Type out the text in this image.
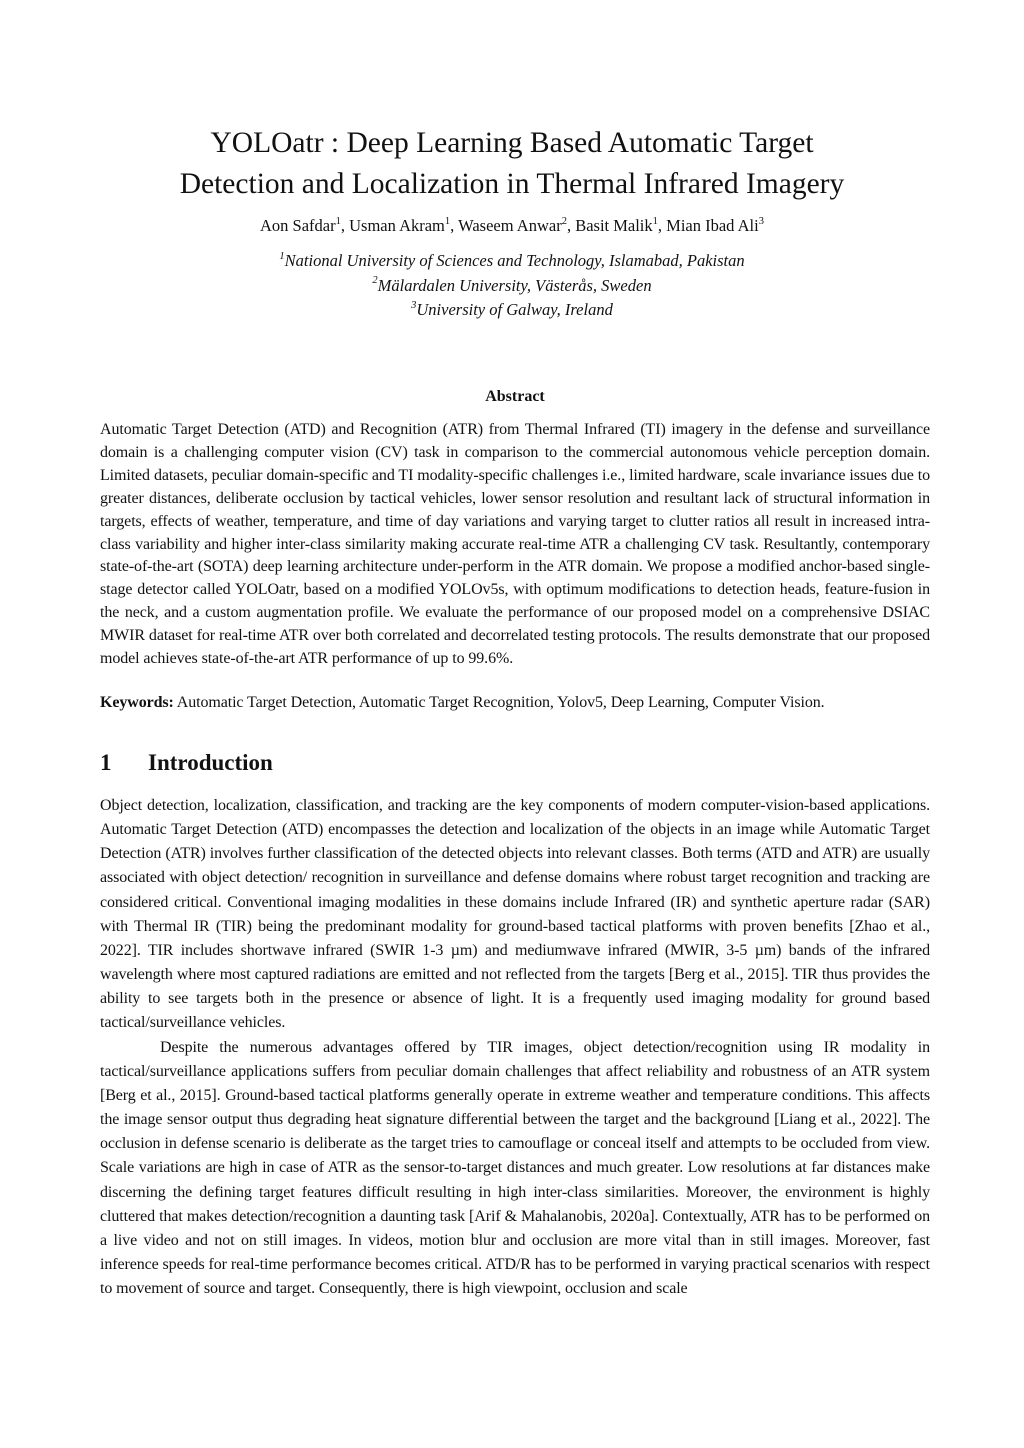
YOLOatr : Deep Learning Based Automatic Target
Detection and Localization in Thermal Infrared Imagery
Aon Safdar$^1$, Usman Akram$^1$, Waseem Anwar$^2$, Basit Malik$^1$, Mian Ibad Ali$^3$
$^1$National University of Sciences and Technology, Islamabad, Pakistan
$^2$Mälardalen University, Västerås, Sweden
$^3$University of Galway, Ireland
Abstract
Automatic Target Detection (ATD) and Recognition (ATR) from Thermal Infrared (TI) imagery in the defense and surveillance domain is a challenging computer vision (CV) task in comparison to the commercial autonomous vehicle perception domain. Limited datasets, peculiar domain-specific and TI modality-specific challenges i.e., limited hardware, scale invariance issues due to greater distances, deliberate occlusion by tactical vehicles, lower sensor resolution and resultant lack of structural information in targets, effects of weather, temperature, and time of day variations and varying target to clutter ratios all result in increased intra-class variability and higher inter-class similarity making accurate real-time ATR a challenging CV task. Resultantly, contemporary state-of-the-art (SOTA) deep learning architecture under-perform in the ATR domain. We propose a modified anchor-based single-stage detector called YOLOatr, based on a modified YOLOv5s, with optimum modifications to detection heads, feature-fusion in the neck, and a custom augmentation profile. We evaluate the performance of our proposed model on a comprehensive DSIAC MWIR dataset for real-time ATR over both correlated and decorrelated testing protocols. The results demonstrate that our proposed model achieves state-of-the-art ATR performance of up to 99.6%.
Keywords: Automatic Target Detection, Automatic Target Recognition, Yolov5, Deep Learning, Computer Vision.
1 Introduction

Object detection, localization, classification, and tracking are the key components of modern computer-vision-based applications. Automatic Target Detection (ATD) encompasses the detection and localization of the objects in an image while Automatic Target Detection (ATR) involves further classification of the detected objects into relevant classes. Both terms (ATD and ATR) are usually associated with object detection/ recognition in surveillance and defense domains where robust target recognition and tracking are considered critical. Conventional imaging modalities in these domains include Infrared (IR) and synthetic aperture radar (SAR) with Thermal IR (TIR) being the predominant modality for ground-based tactical platforms with proven benefits [Zhao et al., 2022]. TIR includes shortwave infrared (SWIR 1-3 µm) and mediumwave infrared (MWIR, 3-5 µm) bands of the infrared wavelength where most captured radiations are emitted and not reflected from the targets [Berg et al., 2015]. TIR thus provides the ability to see targets both in the presence or absence of light. It is a frequently used imaging modality for ground based tactical/surveillance vehicles.

Despite the numerous advantages offered by TIR images, object detection/recognition using IR modality in tactical/surveillance applications suffers from peculiar domain challenges that affect reliability and robustness of an ATR system [Berg et al., 2015]. Ground-based tactical platforms generally operate in extreme weather and temperature conditions. This affects the image sensor output thus degrading heat signature differential between the target and the background [Liang et al., 2022]. The occlusion in defense scenario is deliberate as the target tries to camouflage or conceal itself and attempts to be occluded from view. Scale variations are high in case of ATR as the sensor-to-target distances and much greater. Low resolutions at far distances make discerning the defining target features difficult resulting in high inter-class similarities. Moreover, the environment is highly cluttered that makes detection/recognition a daunting task [Arif & Mahalanobis, 2020a]. Contextually, ATR has to be performed on a live video and not on still images. In videos, motion blur and occlusion are more vital than in still images. Moreover, fast inference speeds for real-time performance becomes critical. ATD/R has to be performed in varying practical scenarios with respect to movement of source and target. Consequently, there is high viewpoint, occlusion and scale
